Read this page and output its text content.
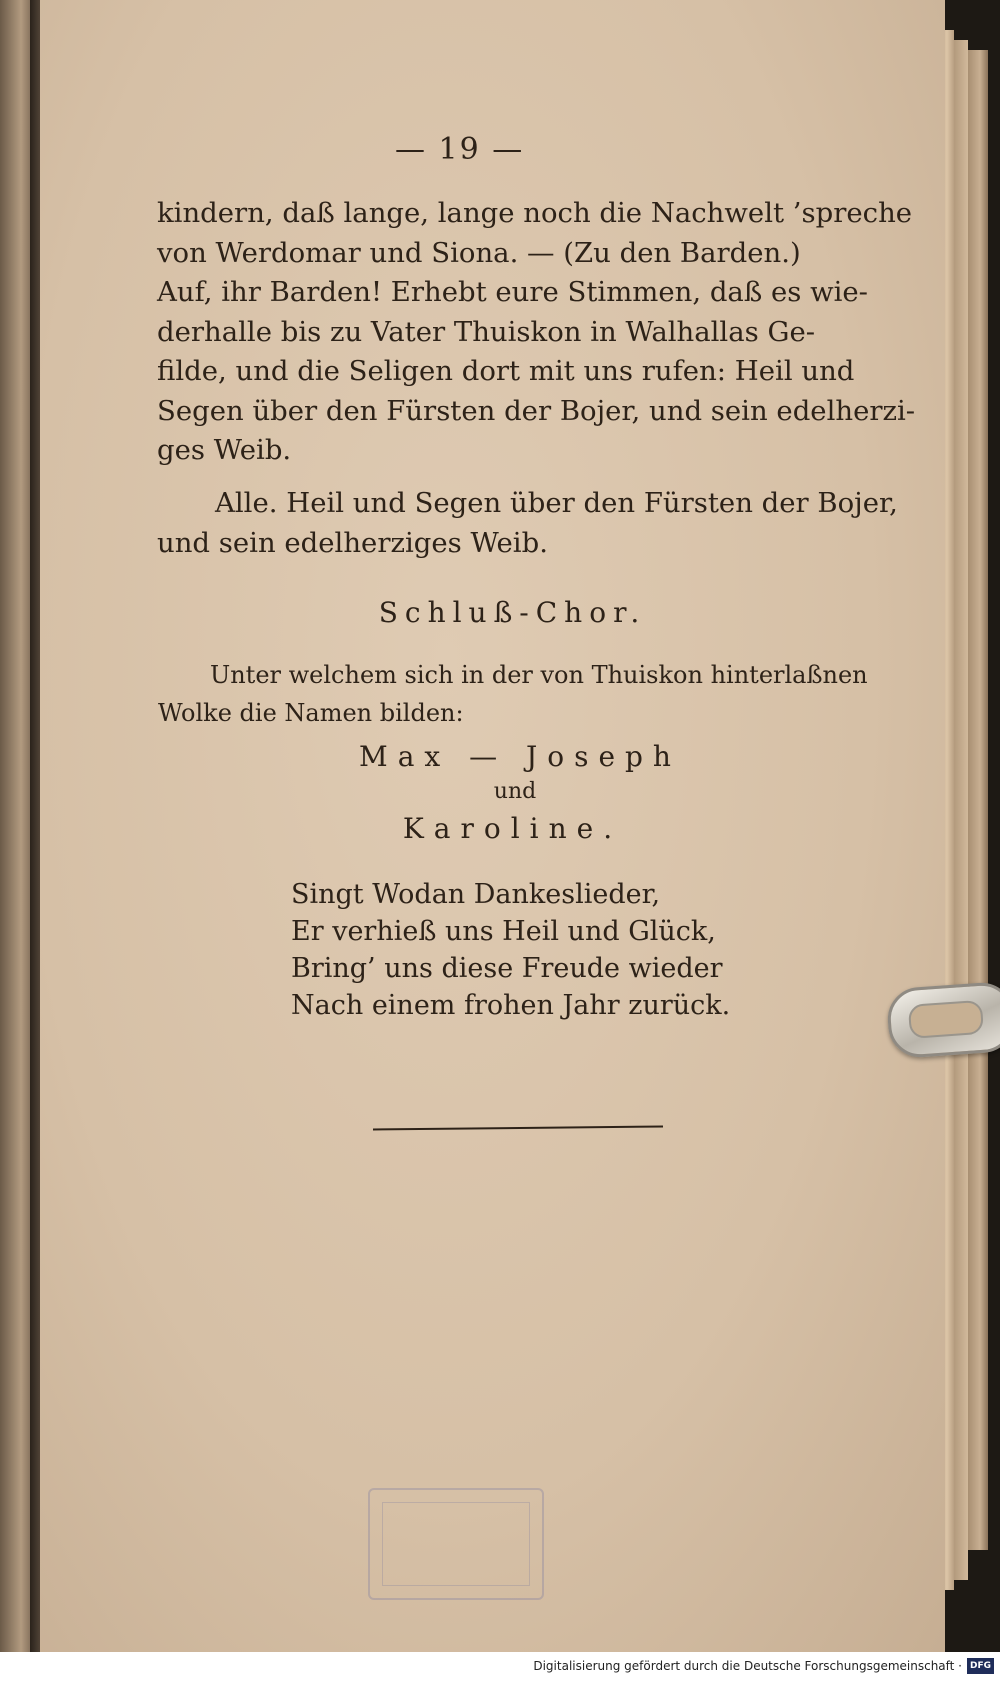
— 19 —
kindern, daß lange, lange noch die Nachwelt ’spreche
von Werdomar und Siona. — (Zu den Barden.)
Auf, ihr Barden! Erhebt eure Stimmen, daß es wie-
derhalle bis zu Vater Thuiskon in Walhallas Ge-
filde, und die Seligen dort mit uns rufen: Heil und
Segen über den Fürsten der Bojer, und sein edelherzi-
ges Weib.
Alle. Heil und Segen über den Fürsten der Bojer,
und sein edelherziges Weib.
Schluß-Chor.
Unter welchem sich in der von Thuiskon hinterlaßnen
Wolke die Namen bilden:
Max — Joseph
und
Karoline.
Singt Wodan Dankeslieder,
Er verhieß uns Heil und Glück,
Bring’ uns diese Freude wieder
Nach einem frohen Jahr zurück.
Digitalisierung gefördert durch die Deutsche Forschungsgemeinschaft · DFG
